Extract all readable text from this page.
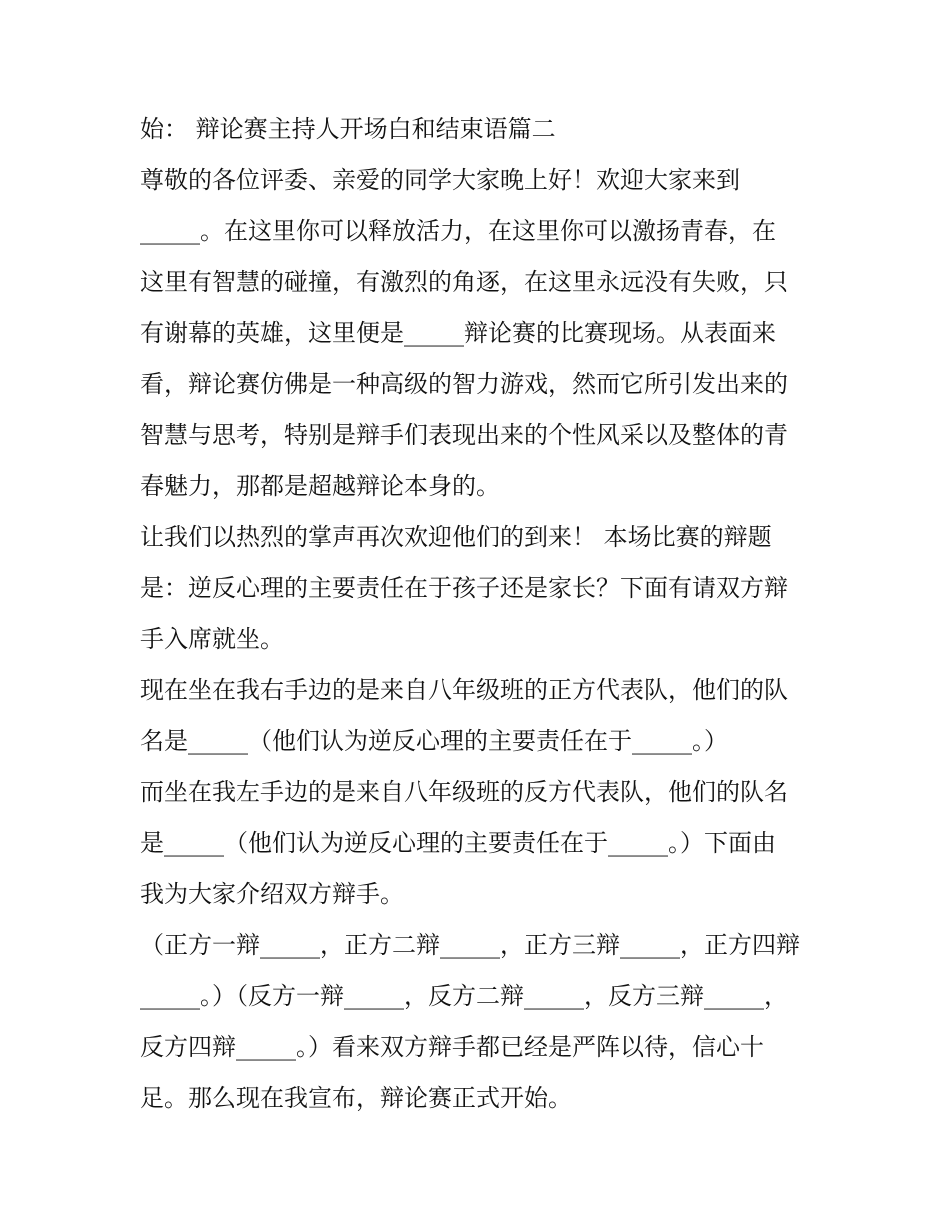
始： 辩论赛主持人开场白和结束语篇二
尊敬的各位评委、亲爱的同学大家晚上好！欢迎大家来到
_____。在这里你可以释放活力，在这里你可以激扬青春，在
这里有智慧的碰撞，有激烈的角逐，在这里永远没有失败，只
有谢幕的英雄，这里便是_____辩论赛的比赛现场。从表面来
看，辩论赛仿佛是一种高级的智力游戏，然而它所引发出来的
智慧与思考，特别是辩手们表现出来的个性风采以及整体的青
春魅力，那都是超越辩论本身的。
让我们以热烈的掌声再次欢迎他们的到来！ 本场比赛的辩题
是：逆反心理的主要责任在于孩子还是家长？下面有请双方辩
手入席就坐。
现在坐在我右手边的是来自八年级班的正方代表队，他们的队
名是_____（他们认为逆反心理的主要责任在于_____。）
而坐在我左手边的是来自八年级班的反方代表队，他们的队名
是_____（他们认为逆反心理的主要责任在于_____。）下面由
我为大家介绍双方辩手。
（正方一辩_____，正方二辩_____，正方三辩_____，正方四辩
_____。）（反方一辩_____，反方二辩_____，反方三辩_____，
反方四辩_____。）看来双方辩手都已经是严阵以待，信心十
足。那么现在我宣布，辩论赛正式开始。
